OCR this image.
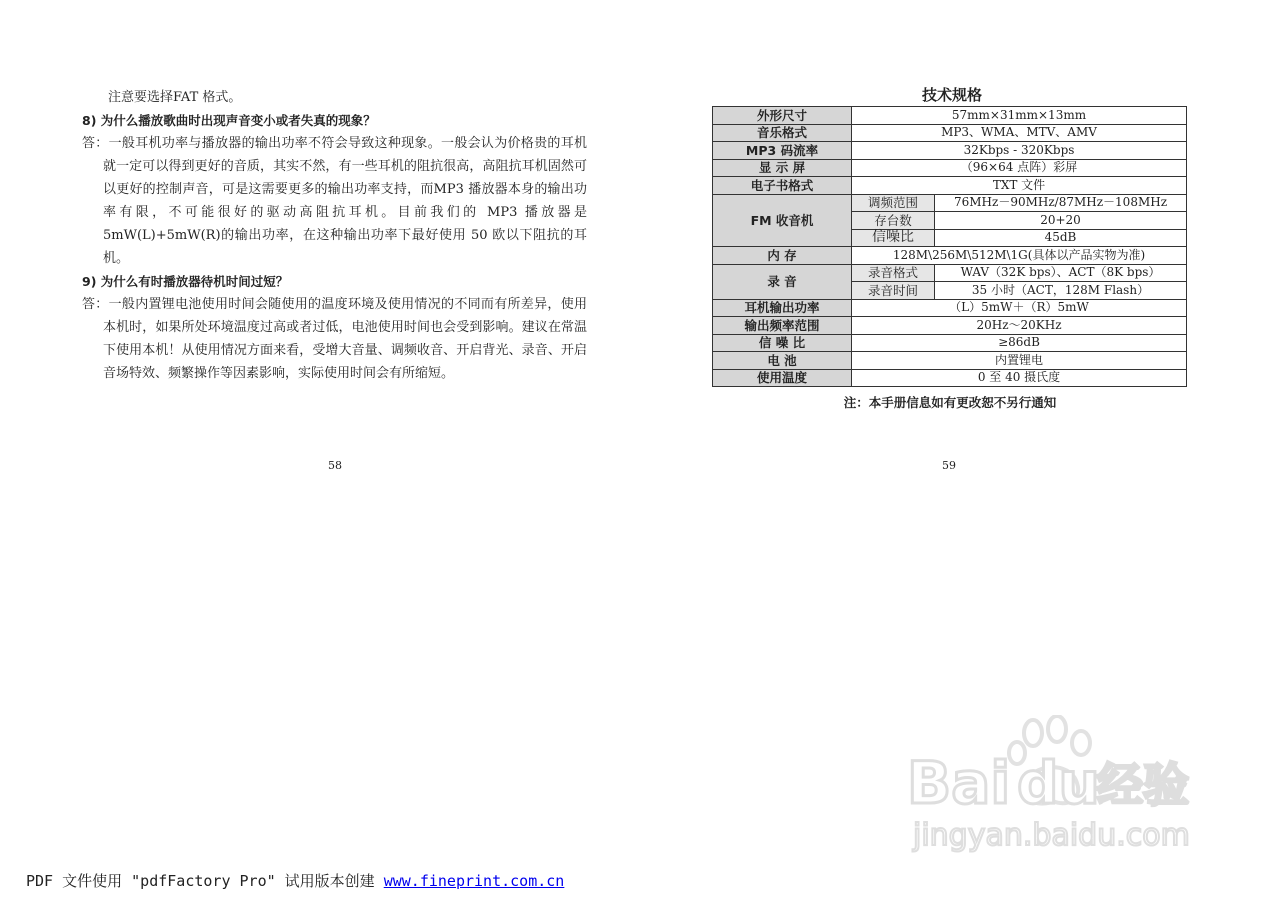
注意要选择FAT 格式。

8) 为什么播放歌曲时出现声音变小或者失真的现象？

答：一般耳机功率与播放器的输出功率不符会导致这种现象。一般会认为价格贵的耳机就一定可以得到更好的音质，其实不然，有一些耳机的阻抗很高，高阻抗耳机固然可以更好的控制声音，可是这需要更多的输出功率支持，而MP3 播放器本身的输出功率有限，不可能很好的驱动高阻抗耳机。目前我们的 MP3 播放器是5mW(L)+5mW(R)的输出功率，在这种输出功率下最好使用 50 欧以下阻抗的耳机。

9) 为什么有时播放器待机时间过短？

答：一般内置锂电池使用时间会随使用的温度环境及使用情况的不同而有所差异，使用本机时，如果所处环境温度过高或者过低，电池使用时间也会受到影响。建议在常温下使用本机！从使用情况方面来看，受增大音量、调频收音、开启背光、录音、开启音场特效、频繁操作等因素影响，实际使用时间会有所缩短。

58
技术规格
外形尺寸	57mm×31mm×13mm	
音乐格式	MP3、WMA、MTV、AMV	
MP3 码流率	32Kbps - 320Kbps	
显 示 屏	（96×64 点阵）彩屏	
电子书格式	TXT 文件	
FM 收音机	调频范围	76MHz－90MHz/87MHz－108MHz
	存台数	20+20
	信噪比	45dB
内 存	128M\256M\512M\1G(具体以产品实物为准)	
录 音	录音格式	WAV（32K bps）、ACT（8K bps）
	录音时间	35 小时（ACT，128M Flash）
耳机输出功率	（L）5mW＋（R）5mW	
输出频率范围	20Hz～20KHz	
信 噪 比	≥86dB	
电 池	内置锂电	
使用温度	0 至 40 摄氏度	
注：本手册信息如有更改恕不另行通知
59
Bai du
经验
jingyan.baidu.com
PDF 文件使用 "pdfFactory Pro" 试用版本创建 www.fineprint.com.cn
